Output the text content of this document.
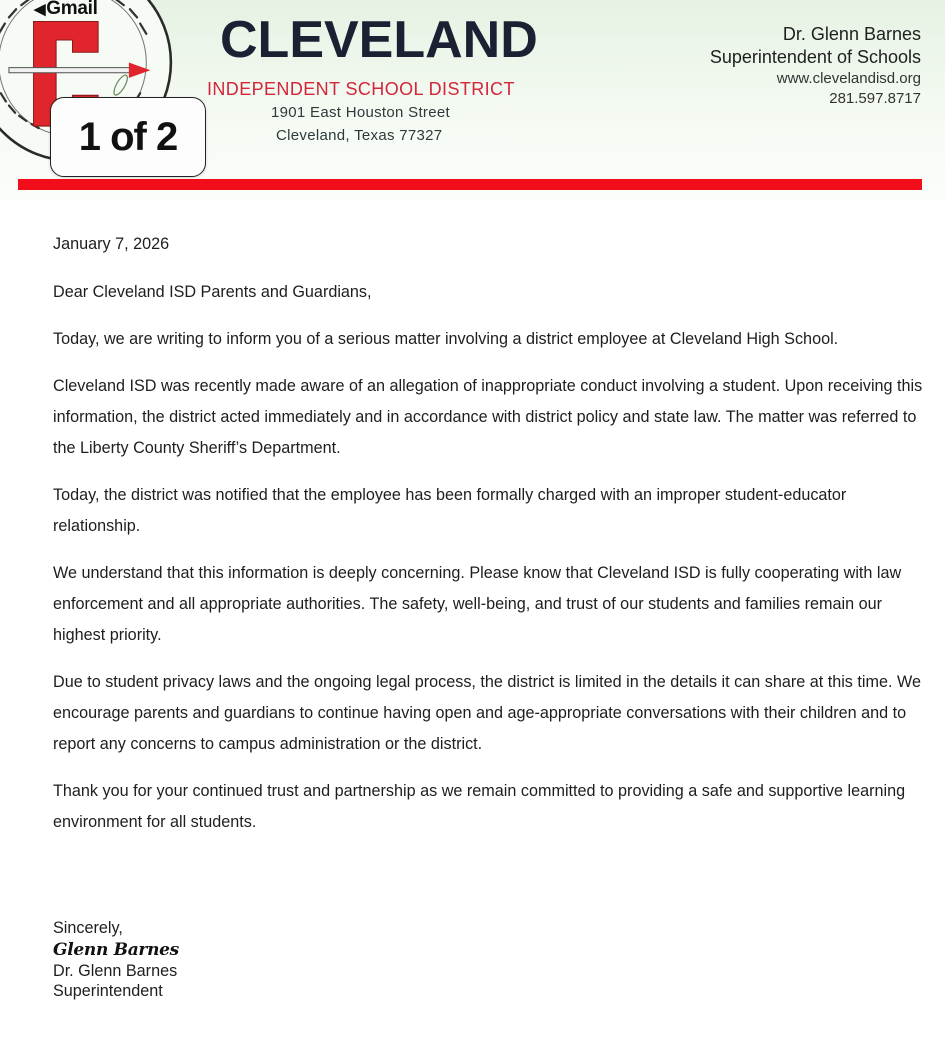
◀Gmail
1 of 2
CLEVELAND
INDEPENDENT SCHOOL DISTRICT
1901 East Houston Street
Cleveland, Texas 77327
Dr. Glenn Barnes
Superintendent of Schools
www.clevelandisd.org
281.597.8717

January 7, 2026

Dear Cleveland ISD Parents and Guardians,

Today, we are writing to inform you of a serious matter involving a district employee at Cleveland High School.

Cleveland ISD was recently made aware of an allegation of inappropriate conduct involving a student. Upon receiving this information, the district acted immediately and in accordance with district policy and state law. The matter was referred to the Liberty County Sheriff’s Department.

Today, the district was notified that the employee has been formally charged with an improper student-educator relationship.

We understand that this information is deeply concerning. Please know that Cleveland ISD is fully cooperating with law enforcement and all appropriate authorities. The safety, well-being, and trust of our students and families remain our highest priority.

Due to student privacy laws and the ongoing legal process, the district is limited in the details it can share at this time. We encourage parents and guardians to continue having open and age-appropriate conversations with their children and to report any concerns to campus administration or the district.

Thank you for your continued trust and partnership as we remain committed to providing a safe and supportive learning environment for all students.

Sincerely,
Glenn Barnes
Dr. Glenn Barnes
Superintendent
